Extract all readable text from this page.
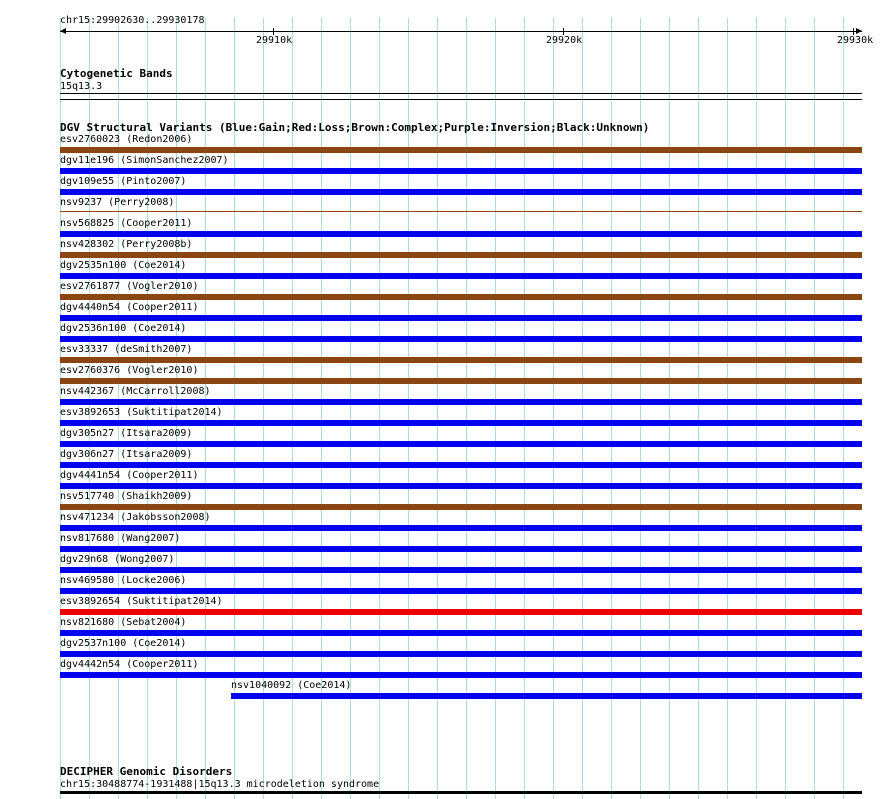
chr15:29902630..29930178
29910k	29920k	29930k
Cytogenetic Bands
15q13.3
DGV Structural Variants (Blue:Gain;Red:Loss;Brown:Complex;Purple:Inversion;Black:Unknown)
esv2760023 (Redon2006)
dgv11e196 (SimonSanchez2007)
dgv109e55 (Pinto2007)
nsv9237 (Perry2008)
nsv568825 (Cooper2011)
nsv428302 (Perry2008b)
dgv2535n100 (Coe2014)
esv2761877 (Vogler2010)
dgv4440n54 (Cooper2011)
dgv2536n100 (Coe2014)
esv33337 (deSmith2007)
esv2760376 (Vogler2010)
nsv442367 (McCarroll2008)
esv3892653 (Suktitipat2014)
dgv305n27 (Itsara2009)
dgv306n27 (Itsara2009)
dgv4441n54 (Cooper2011)
nsv517740 (Shaikh2009)
nsv471234 (Jakobsson2008)
nsv817680 (Wang2007)
dgv29n68 (Wong2007)
nsv469580 (Locke2006)
esv3892654 (Suktitipat2014)
nsv821680 (Sebat2004)
dgv2537n100 (Coe2014)
dgv4442n54 (Cooper2011)
nsv1040092 (Coe2014)
DECIPHER Genomic Disorders
chr15:30488774-1931488|15q13.3 microdeletion syndrome
